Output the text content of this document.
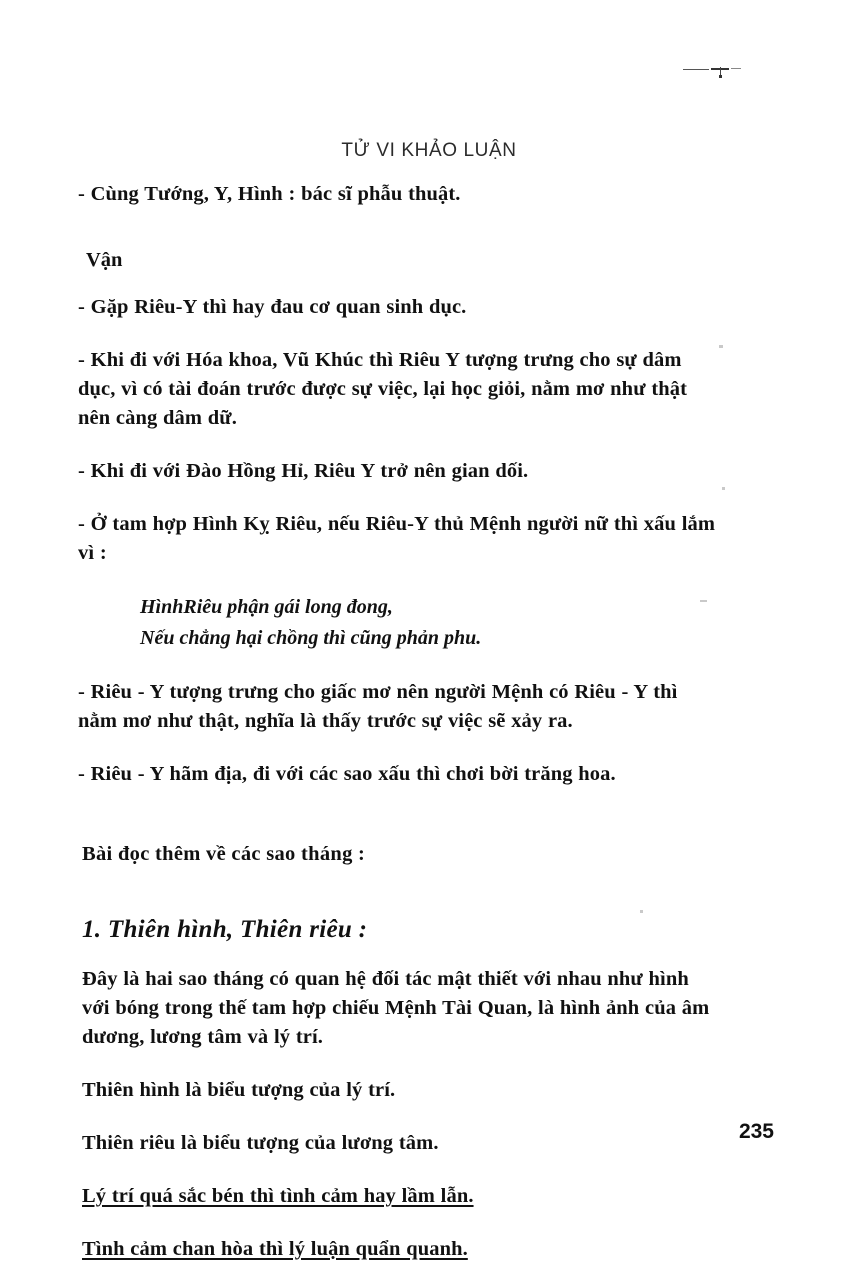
TỬ VI KHẢO LUẬN

- Cùng Tướng, Y, Hình : bác sĩ phẫu thuật.

Vận

- Gặp Riêu-Y thì hay đau cơ quan sinh dục.

- Khi đi với Hóa khoa, Vũ Khúc thì Riêu Y tượng trưng cho sự dâm dục, vì có tài đoán trước được sự việc, lại học giỏi, nằm mơ như thật nên càng dâm dữ.

- Khi đi với Đào Hồng Hỉ, Riêu Y trở nên gian dối.

- Ở tam hợp Hình Kỵ Riêu, nếu Riêu-Y thủ Mệnh người nữ thì xấu lắm vì :

HìnhRiêu phận gái long đong,

Nếu chẳng hại chồng thì cũng phản phu.

- Riêu - Y tượng trưng cho giấc mơ nên người Mệnh có Riêu - Y thì nằm mơ như thật, nghĩa là thấy trước sự việc sẽ xảy ra.

- Riêu - Y hãm địa, đi với các sao xấu thì chơi bời trăng hoa.

Bài đọc thêm về các sao tháng :

1. Thiên hình, Thiên riêu :

Đây là hai sao tháng có quan hệ đối tác mật thiết với nhau như hình với bóng trong thế tam hợp chiếu Mệnh Tài Quan, là hình ảnh của âm dương, lương tâm và lý trí.

Thiên hình là biểu tượng của lý trí.

Thiên riêu là biểu tượng của lương tâm.

Lý trí quá sắc bén thì tình cảm hay lầm lẫn.

Tình cảm chan hòa thì lý luận quẩn quanh.

235
